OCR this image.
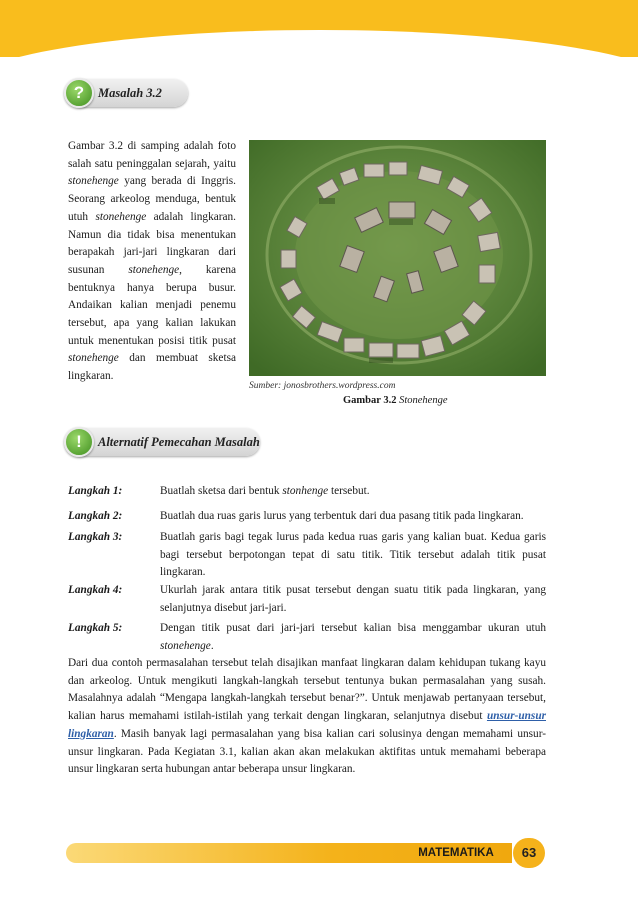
?	Masalah 3.2
Gambar 3.2 di samping adalah foto salah satu peninggalan sejarah, yaitu stonehenge yang berada di Inggris. Seorang arkeolog menduga, bentuk utuh stonehenge adalah lingkaran. Namun dia tidak bisa menentukan berapakah jari-jari lingkaran dari susunan stonehenge, karena bentuknya hanya berupa busur. Andaikan kalian menjadi penemu tersebut, apa yang kalian lakukan untuk menentukan posisi titik pusat stonehenge dan membuat sketsa lingkaran.
Sumber: jonosbrothers.wordpress.com
Gambar 3.2 Stonehenge
!	Alternatif Pemecahan Masalah
Langkah 1:	Buatlah sketsa dari bentuk stonhenge tersebut.
Langkah 2:	Buatlah dua ruas garis lurus yang terbentuk dari dua pasang titik pada lingkaran.
Langkah 3:	Buatlah garis bagi tegak lurus pada kedua ruas garis yang kalian buat. Kedua garis bagi tersebut berpotongan tepat di satu titik. Titik tersebut adalah titik pusat lingkaran.
Langkah 4:	Ukurlah jarak antara titik pusat tersebut dengan suatu titik pada lingkaran, yang selanjutnya disebut jari-jari.
Langkah 5:	Dengan titik pusat dari jari-jari tersebut kalian bisa menggambar ukuran utuh stonehenge.
Dari dua contoh permasalahan tersebut telah disajikan manfaat lingkaran dalam kehidupan tukang kayu dan arkeolog. Untuk mengikuti langkah-langkah tersebut tentunya bukan permasalahan yang susah. Masalahnya adalah “Mengapa langkah-langkah tersebut benar?”. Untuk menjawab pertanyaan tersebut, kalian harus memahami istilah-istilah yang terkait dengan lingkaran, selanjutnya disebut unsur-unsur lingkaran. Masih banyak lagi permasalahan yang bisa kalian cari solusinya dengan memahami unsur-unsur lingkaran. Pada Kegiatan 3.1, kalian akan akan melakukan aktifitas untuk memahami beberapa unsur lingkaran serta hubungan antar beberapa unsur lingkaran.
MATEMATIKA	63
